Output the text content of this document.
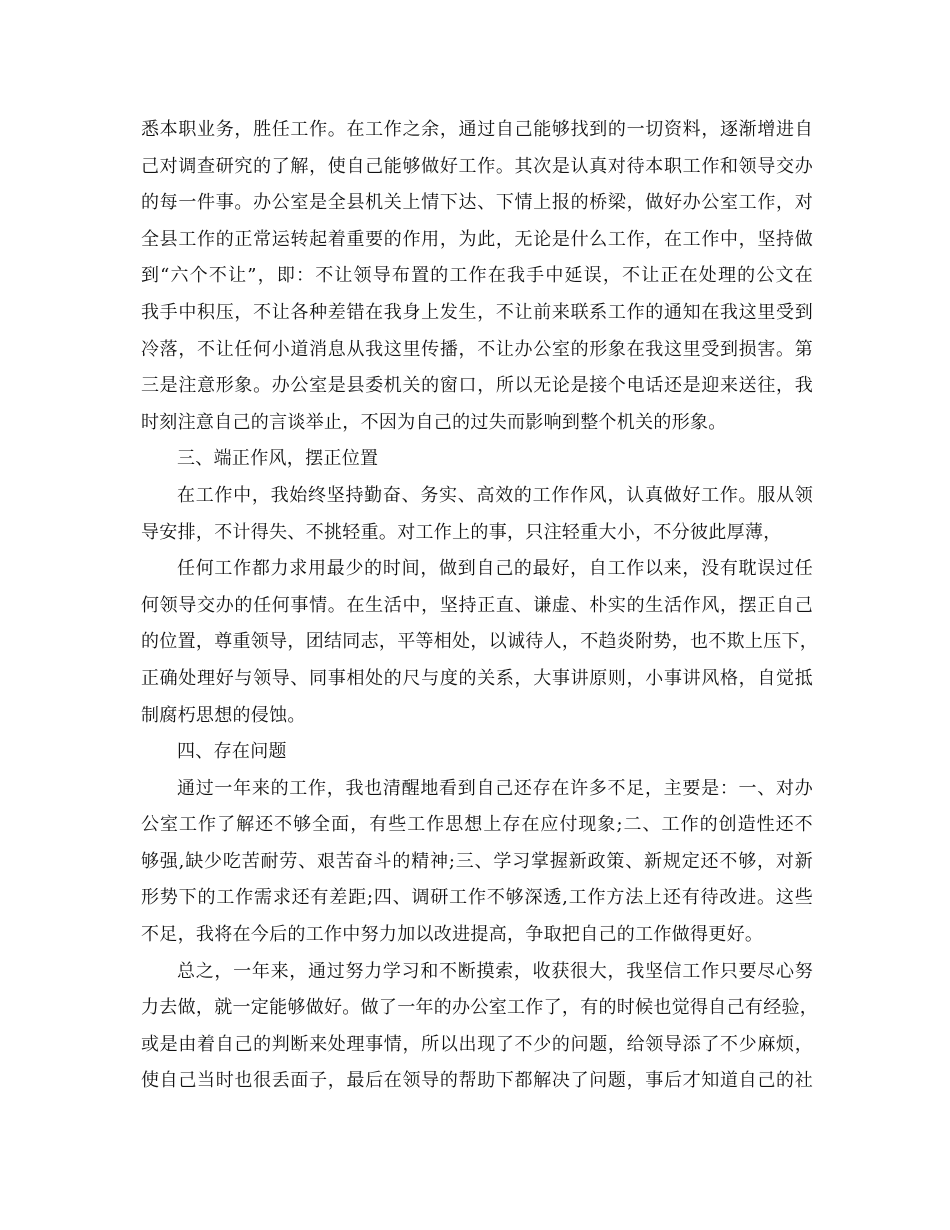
悉本职业务，胜任工作。在工作之余，通过自己能够找到的一切资料，逐渐增进自
己对调查研究的了解，使自己能够做好工作。其次是认真对待本职工作和领导交办
的每一件事。办公室是全县机关上情下达、下情上报的桥梁，做好办公室工作，对
全县工作的正常运转起着重要的作用，为此，无论是什么工作，在工作中，坚持做
到“六个不让”，即：不让领导布置的工作在我手中延误，不让正在处理的公文在
我手中积压，不让各种差错在我身上发生，不让前来联系工作的通知在我这里受到
冷落，不让任何小道消息从我这里传播，不让办公室的形象在我这里受到损害。第
三是注意形象。办公室是县委机关的窗口，所以无论是接个电话还是迎来送往，我
时刻注意自己的言谈举止，不因为自己的过失而影响到整个机关的形象。
三、端正作风，摆正位置
在工作中，我始终坚持勤奋、务实、高效的工作作风，认真做好工作。服从领
导安排，不计得失、不挑轻重。对工作上的事，只注轻重大小，不分彼此厚薄，
任何工作都力求用最少的时间，做到自己的最好，自工作以来，没有耽误过任
何领导交办的任何事情。在生活中，坚持正直、谦虚、朴实的生活作风，摆正自己
的位置，尊重领导，团结同志，平等相处，以诚待人，不趋炎附势，也不欺上压下，
正确处理好与领导、同事相处的尺与度的关系，大事讲原则，小事讲风格，自觉抵
制腐朽思想的侵蚀。
四、存在问题
通过一年来的工作，我也清醒地看到自己还存在许多不足，主要是：一、对办
公室工作了解还不够全面，有些工作思想上存在应付现象;二、工作的创造性还不
够强,缺少吃苦耐劳、艰苦奋斗的精神;三、学习掌握新政策、新规定还不够，对新
形势下的工作需求还有差距;四、调研工作不够深透,工作方法上还有待改进。这些
不足，我将在今后的工作中努力加以改进提高，争取把自己的工作做得更好。
总之，一年来，通过努力学习和不断摸索，收获很大，我坚信工作只要尽心努
力去做，就一定能够做好。做了一年的办公室工作了，有的时候也觉得自己有经验，
或是由着自己的判断来处理事情，所以出现了不少的问题，给领导添了不少麻烦，
使自己当时也很丢面子，最后在领导的帮助下都解决了问题，事后才知道自己的社
